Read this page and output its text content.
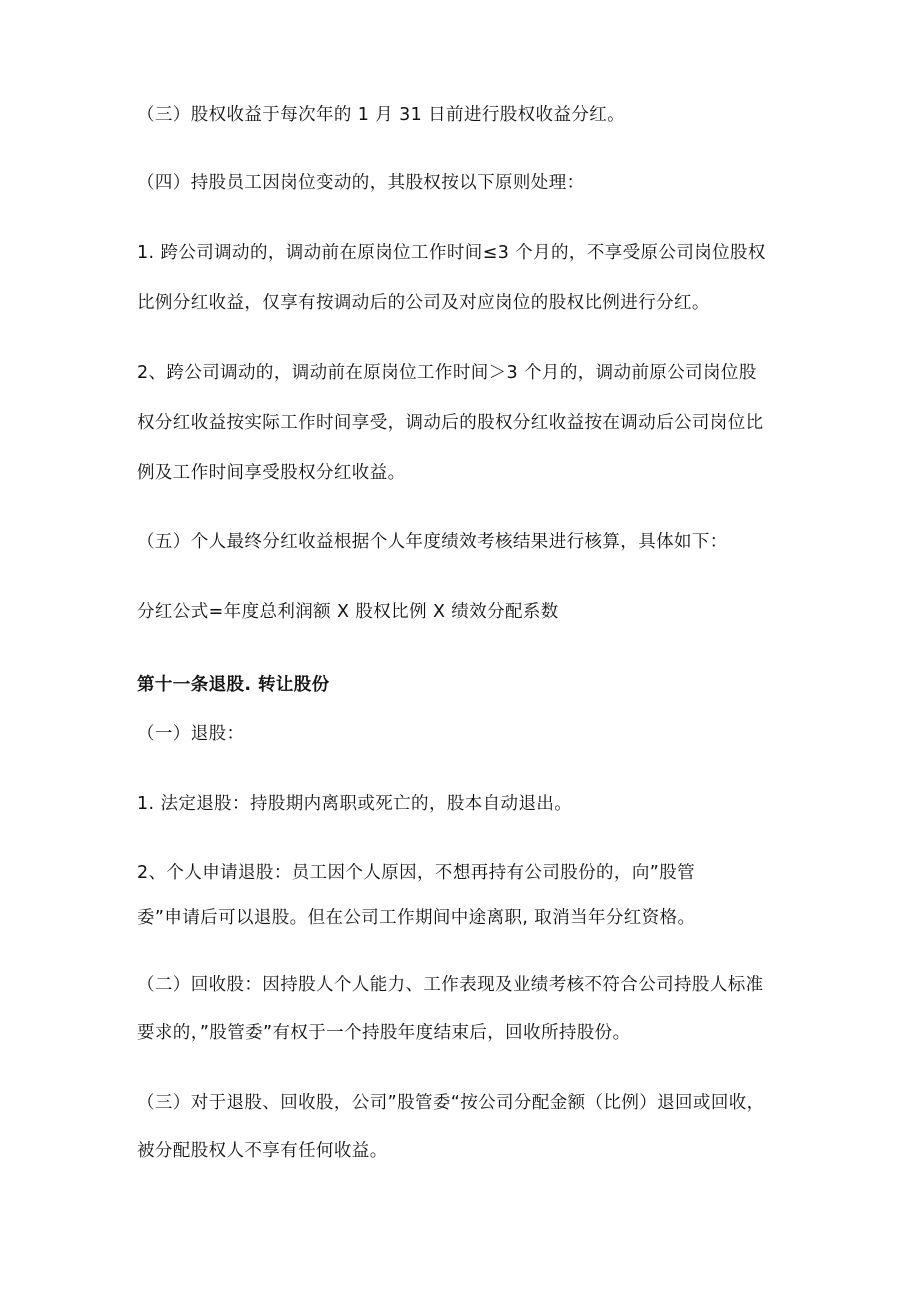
（三）股权收益于每次年的 1 月 31 日前进行股权收益分红。
（四）持股员工因岗位变动的，其股权按以下原则处理：
1. 跨公司调动的，调动前在原岗位工作时间≤3 个月的，不享受原公司岗位股权
比例分红收益，仅享有按调动后的公司及对应岗位的股权比例进行分红。
2、跨公司调动的，调动前在原岗位工作时间＞3 个月的，调动前原公司岗位股
权分红收益按实际工作时间享受，调动后的股权分红收益按在调动后公司岗位比
例及工作时间享受股权分红收益。
（五）个人最终分红收益根据个人年度绩效考核结果进行核算，具体如下：
分红公式=年度总利润额 X 股权比例 X 绩效分配系数
第十一条退股. 转让股份
（一）退股：
1. 法定退股：持股期内离职或死亡的，股本自动退出。
2、个人申请退股：员工因个人原因，不想再持有公司股份的，向”股管
委”申请后可以退股。但在公司工作期间中途离职, 取消当年分红资格。
（二）回收股：因持股人个人能力、工作表现及业绩考核不符合公司持股人标准
要求的，”股管委”有权于一个持股年度结束后，回收所持股份。
（三）对于退股、回收股，公司”股管委“按公司分配金额（比例）退回或回收，
被分配股权人不享有任何收益。
